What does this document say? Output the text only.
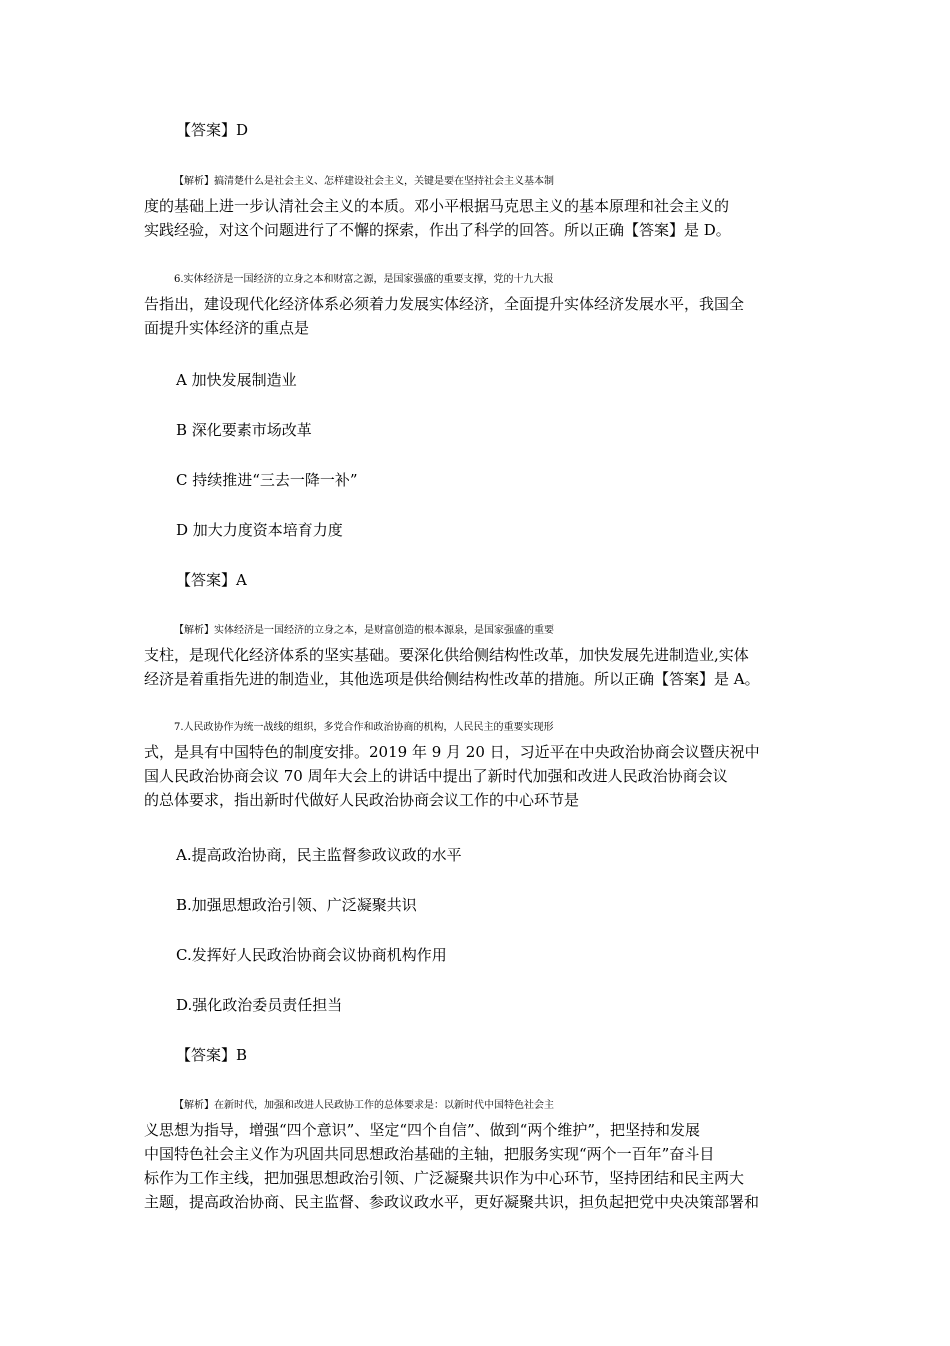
【答案】D

【解析】搞清楚什么是社会主义、怎样建设社会主义，关键是要在坚持社会主义基本制
度的基础上进一步认清社会主义的本质。邓小平根据马克思主义的基本原理和社会主义的
实践经验，对这个问题进行了不懈的探索，作出了科学的回答。所以正确【答案】是 D。

6.实体经济是一国经济的立身之本和财富之源，是国家强盛的重要支撑，党的十九大报
告指出，建设现代化经济体系必须着力发展实体经济，全面提升实体经济发展水平，我国全
面提升实体经济的重点是

A 加快发展制造业

B 深化要素市场改革

C 持续推进“三去一降一补”

D 加大力度资本培育力度

【答案】A

【解析】实体经济是一国经济的立身之本，是财富创造的根本源泉，是国家强盛的重要
支柱，是现代化经济体系的坚实基础。要深化供给侧结构性改革，加快发展先进制造业,实体
经济是着重指先进的制造业，其他选项是供给侧结构性改革的措施。所以正确【答案】是 A。

7.人民政协作为统一战线的组织，多党合作和政治协商的机构，人民民主的重要实现形
式，是具有中国特色的制度安排。2019 年 9 月 20 日，习近平在中央政治协商会议暨庆祝中
国人民政治协商会议 70 周年大会上的讲话中提出了新时代加强和改进人民政治协商会议
的总体要求，指出新时代做好人民政治协商会议工作的中心环节是

A.提高政治协商，民主监督参政议政的水平

B.加强思想政治引领、广泛凝聚共识

C.发挥好人民政治协商会议协商机构作用

D.强化政治委员责任担当

【答案】B

【解析】在新时代，加强和改进人民政协工作的总体要求是：以新时代中国特色社会主
义思想为指导，增强“四个意识”、坚定“四个自信”、做到“两个维护”，把坚持和发展
中国特色社会主义作为巩固共同思想政治基础的主轴，把服务实现“两个一百年”奋斗目
标作为工作主线，把加强思想政治引领、广泛凝聚共识作为中心环节，坚持团结和民主两大
主题，提高政治协商、民主监督、参政议政水平，更好凝聚共识，担负起把党中央决策部署和
